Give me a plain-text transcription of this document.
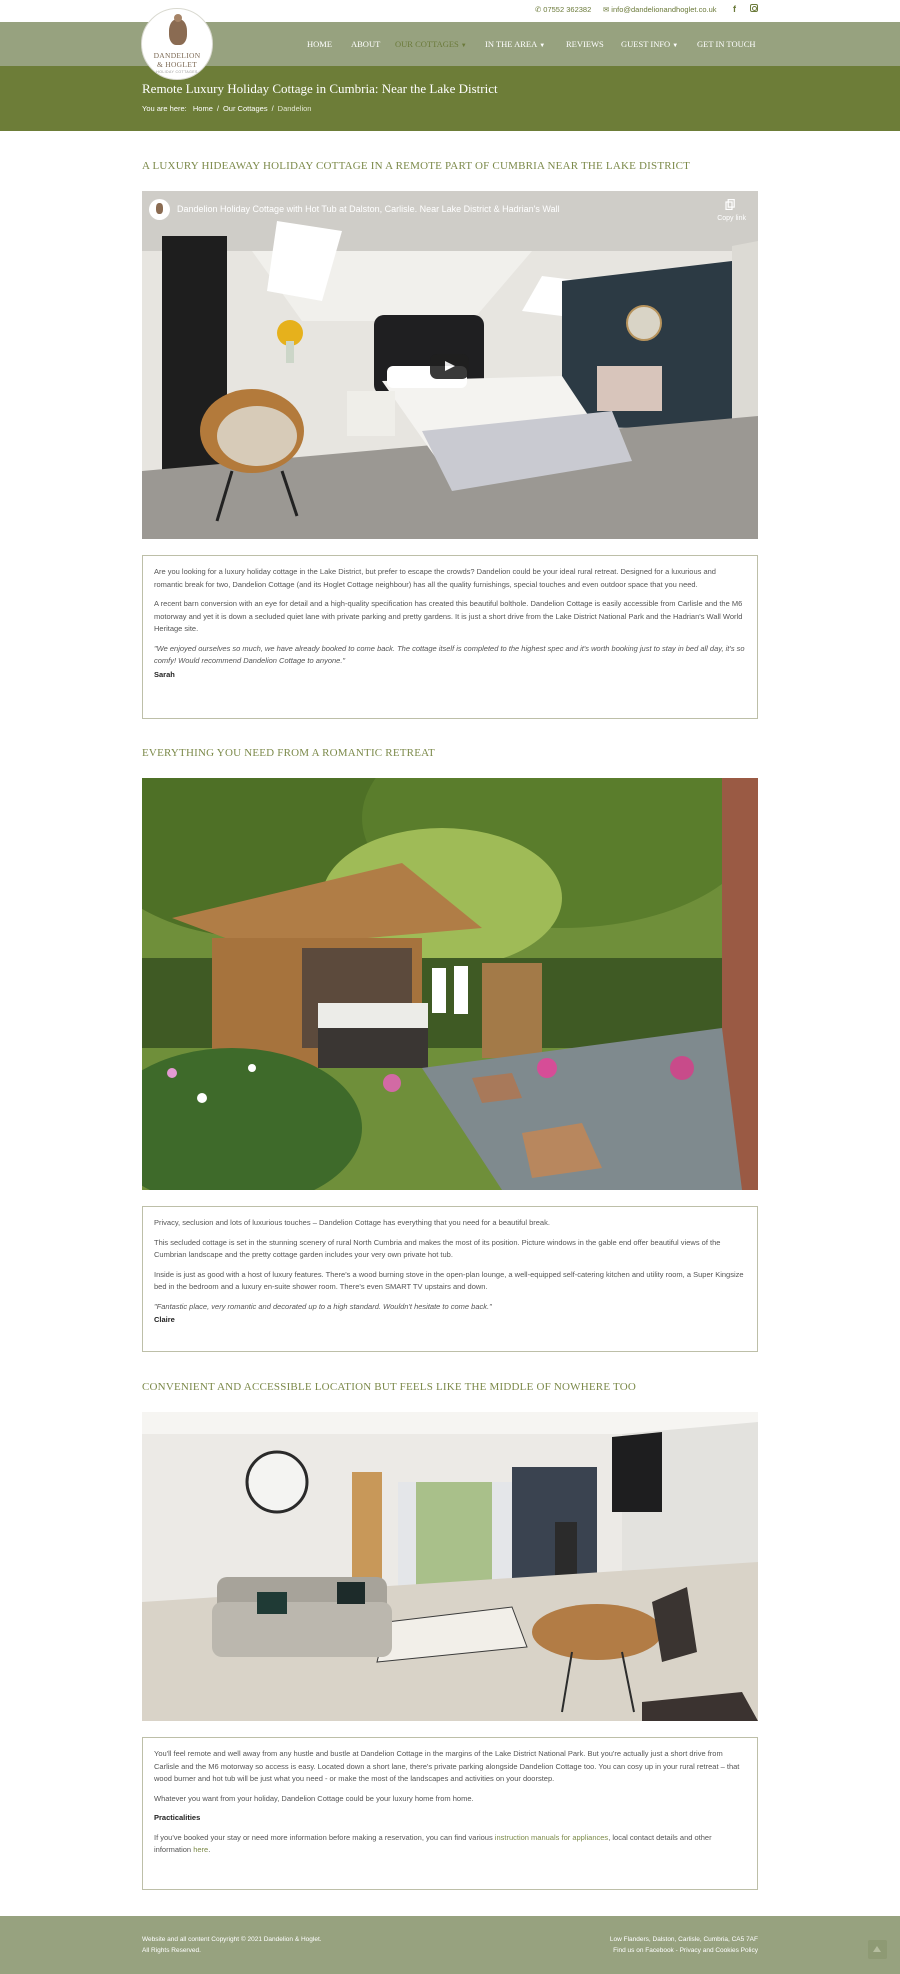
✆ 07552 362382 ✉ info@dandelionandhoglet.co.uk f
HOME ABOUT OUR COTTAGES ▼ IN THE AREA ▼ REVIEWS GUEST INFO ▼ GET IN TOUCH
DANDELION
& HOGLET
HOLIDAY COTTAGES
Remote Luxury Holiday Cottage in Cumbria: Near the Lake District
You are here: Home / Our Cottages / Dandelion
A LUXURY HIDEAWAY HOLIDAY COTTAGE IN A REMOTE PART OF CUMBRIA NEAR THE LAKE DISTRICT
Dandelion Holiday Cottage with Hot Tub at Dalston, Carlisle. Near Lake District & Hadrian's Wall
Copy link

Are you looking for a luxury holiday cottage in the Lake District, but prefer to escape the crowds? Dandelion could be your ideal rural retreat. Designed for a luxurious and romantic break for two, Dandelion Cottage (and its Hoglet Cottage neighbour) has all the quality furnishings, special touches and even outdoor space that you need.

A recent barn conversion with an eye for detail and a high-quality specification has created this beautiful bolthole. Dandelion Cottage is easily accessible from Carlisle and the M6 motorway and yet it is down a secluded quiet lane with private parking and pretty gardens. It is just a short drive from the Lake District National Park and the Hadrian's Wall World Heritage site.

"We enjoyed ourselves so much, we have already booked to come back. The cottage itself is completed to the highest spec and it's worth booking just to stay in bed all day, it's so comfy! Would recommend Dandelion Cottage to anyone."

Sarah
EVERYTHING YOU NEED FROM A ROMANTIC RETREAT

Privacy, seclusion and lots of luxurious touches – Dandelion Cottage has everything that you need for a beautiful break.

This secluded cottage is set in the stunning scenery of rural North Cumbria and makes the most of its position. Picture windows in the gable end offer beautiful views of the Cumbrian landscape and the pretty cottage garden includes your very own private hot tub.

Inside is just as good with a host of luxury features. There's a wood burning stove in the open-plan lounge, a well-equipped self-catering kitchen and utility room, a Super Kingsize bed in the bedroom and a luxury en-suite shower room. There's even SMART TV upstairs and down.

"Fantastic place, very romantic and decorated up to a high standard. Wouldn't hesitate to come back."

Claire
CONVENIENT AND ACCESSIBLE LOCATION BUT FEELS LIKE THE MIDDLE OF NOWHERE TOO

You'll feel remote and well away from any hustle and bustle at Dandelion Cottage in the margins of the Lake District National Park. But you're actually just a short drive from Carlisle and the M6 motorway so access is easy. Located down a short lane, there's private parking alongside Dandelion Cottage too. You can cosy up in your rural retreat – that wood burner and hot tub will be just what you need - or make the most of the landscapes and activities on your doorstep.

Whatever you want from your holiday, Dandelion Cottage could be your luxury home from home.

Practicalities

If you've booked your stay or need more information before making a reservation, you can find various instruction manuals for appliances, local contact details and other information here.

Website and all content Copyright © 2021 Dandelion & Hoglet.
All Rights Reserved.
Low Flanders, Dalston, Carlisle, Cumbria, CA5 7AF
Find us on Facebook - Privacy and Cookies Policy
